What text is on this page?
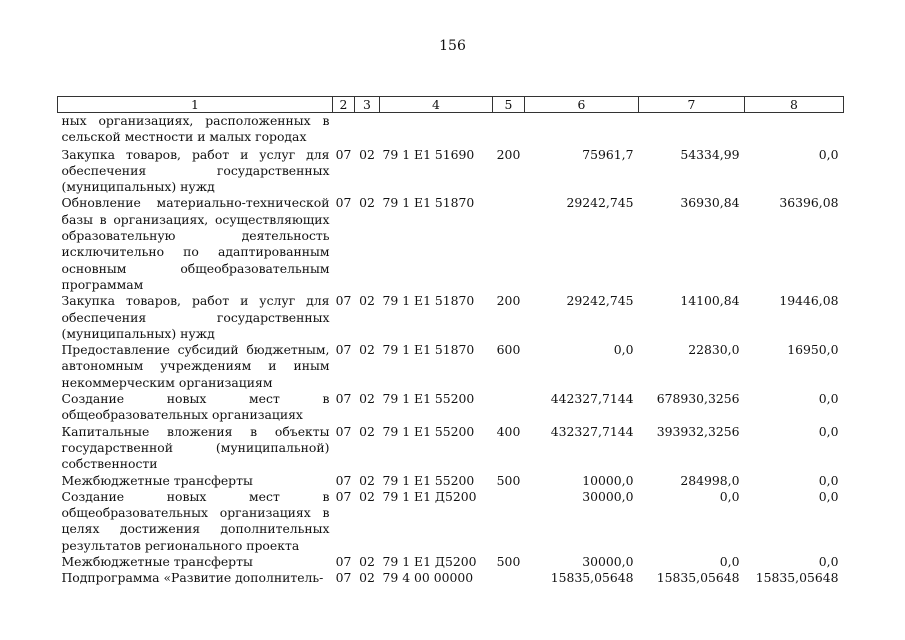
156
1	2	3	4	5	6	7	8
ных организациях, расположенных в сельской местности и малых городах							
Закупка товаров, работ и услуг для обеспечения государственных (муниципальных) нужд	07	02	79 1 E1 51690	200	75961,7	54334,99	0,0
Обновление материально-технической базы в организациях, осуществляющих образовательную деятельность исключительно по адаптированным основным общеобразовательным программам	07	02	79 1 E1 51870		29242,745	36930,84	36396,08
Закупка товаров, работ и услуг для обеспечения государственных (муниципальных) нужд	07	02	79 1 E1 51870	200	29242,745	14100,84	19446,08
Предоставление субсидий бюджетным, автономным учреждениям и иным некоммерческим организациям	07	02	79 1 E1 51870	600	0,0	22830,0	16950,0
Создание новых мест в общеобразовательных организациях	07	02	79 1 E1 55200		442327,7144	678930,3256	0,0
Капитальные вложения в объекты государственной (муниципальной) собственности	07	02	79 1 E1 55200	400	432327,7144	393932,3256	0,0
Межбюджетные трансферты	07	02	79 1 E1 55200	500	10000,0	284998,0	0,0
Создание новых мест в общеобразовательных организациях в целях достижения дополнительных результатов регионального проекта	07	02	79 1 E1 Д5200		30000,0	0,0	0,0
Межбюджетные трансферты	07	02	79 1 E1 Д5200	500	30000,0	0,0	0,0
Подпрограмма «Развитие дополнитель-	07	02	79 4 00 00000		15835,05648	15835,05648	15835,05648
